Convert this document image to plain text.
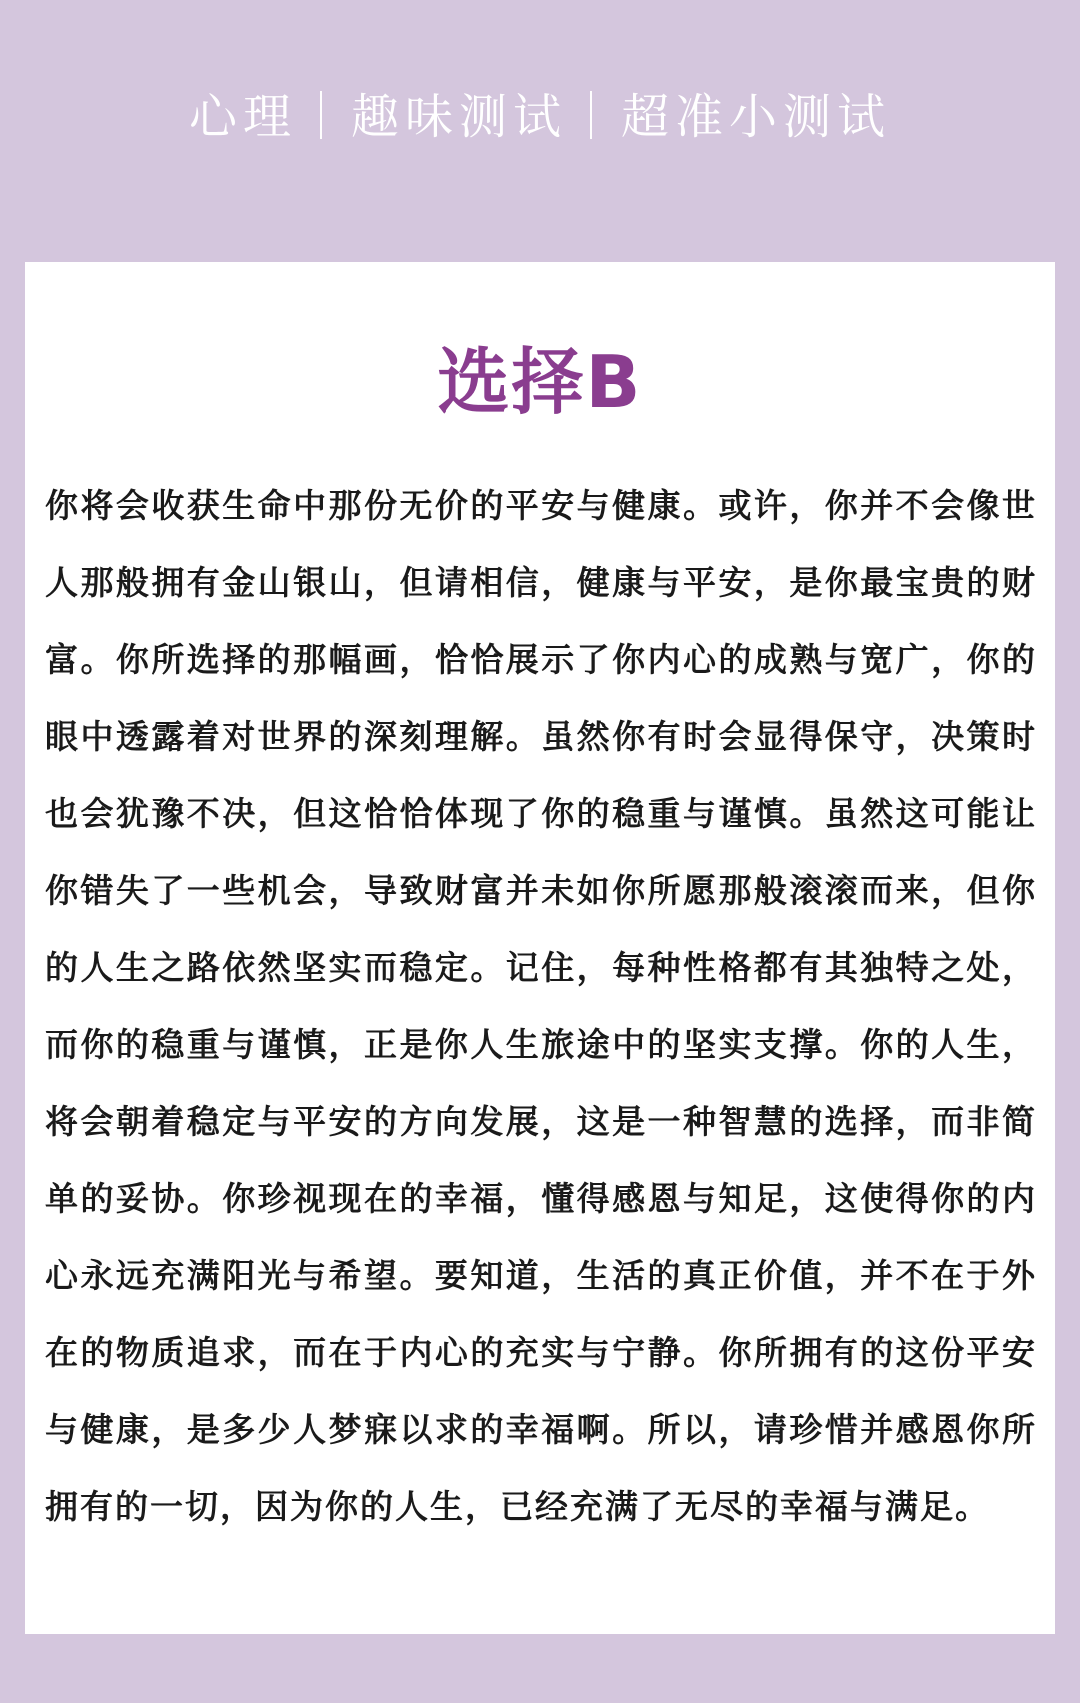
心理｜趣味测试｜超准小测试
选择B
你将会收获生命中那份无价的平安与健康。或许，你并不会像世人那般拥有金山银山，但请相信，健康与平安，是你最宝贵的财富。你所选择的那幅画，恰恰展示了你内心的成熟与宽广，你的眼中透露着对世界的深刻理解。虽然你有时会显得保守，决策时也会犹豫不决，但这恰恰体现了你的稳重与谨慎。虽然这可能让你错失了一些机会，导致财富并未如你所愿那般滚滚而来，但你的人生之路依然坚实而稳定。记住，每种性格都有其独特之处，而你的稳重与谨慎，正是你人生旅途中的坚实支撑。你的人生，将会朝着稳定与平安的方向发展，这是一种智慧的选择，而非简单的妥协。你珍视现在的幸福，懂得感恩与知足，这使得你的内心永远充满阳光与希望。要知道，生活的真正价值，并不在于外在的物质追求，而在于内心的充实与宁静。你所拥有的这份平安与健康，是多少人梦寐以求的幸福啊。所以，请珍惜并感恩你所拥有的一切，因为你的人生，已经充满了无尽的幸福与满足。
